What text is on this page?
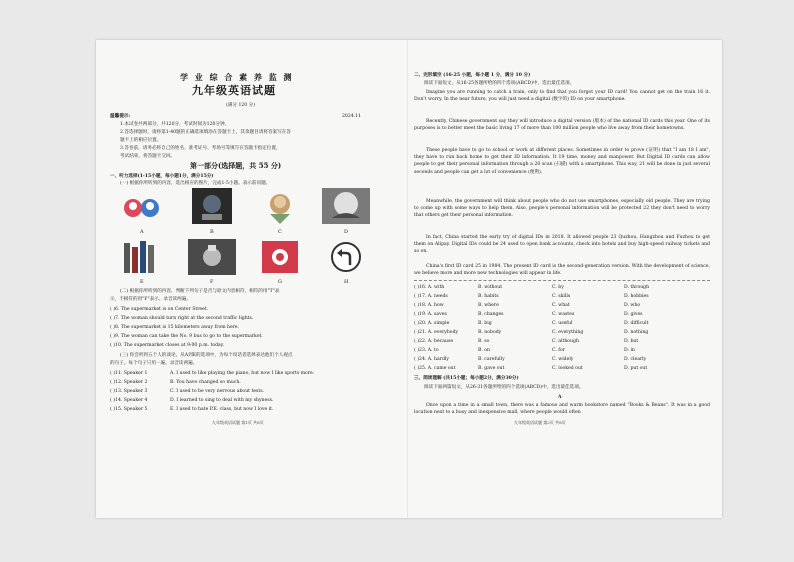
学 业 综 合 素 养 监 测
九年级英语试题
(满分 120 分)
温馨提示:	2024.11
1.本试卷共两部分，共120分，考试时间为120分钟。
2.答选择题时，请将第1-40题的正确选项填涂在答题卡上，其余题目请将答案写在答
题卡上的相应位置。
3.答卷前，请务必将自己的姓名、准考证号、考场号等填写在答题卡指定位置，
考试结束，将答题卡交回。
第一部分(选择题，共 55 分)
一、听力选择(1-15小题，每小题1分，满分15分)
(一) 根据你所听到的内容，选出相应的图片，完成1-5小题。表示前问题。
A	B	C	D
E	F	G	H
(二) 根据你所听到的内容，判断下列句子是否与原文内容相符，相符的用"T"表
示，不相符的用"F"表示。录音读两遍。
( )6. The supermarket is on Center Street.
( )7. The woman should turn right at the second traffic lights.
( )8. The supermarket is 15 kilometers away from here.
( )9. The woman can take the No. 9 bus to go to the supermarket.
( )10. The supermarket closes at 9:00 p.m. today.
(三) 你会听到五个人的谈论，从A到E的选项中，为每个说话者选择表达他们个人观点
的句子。每个句子只用一遍。录音读两遍。
( )11. Speaker 1	A. I used to like playing the piano, but now I like sports more.
( )12. Speaker 2	B. You have changed so much.
( )13. Speaker 3	C. I used to be very nervous about tests.
( )14. Speaker 4	D. I learned to sing to deal with my shyness.
( )15. Speaker 5	E. I used to hate P.E. class, but now I love it.
九年级英语试题 第1页 共8页
二、完形填空 (16-25 小题，每小题 1 分，满分 10 分)
阅读下面短文，从16-25各题所给的四个选项(ABCD)中，选出最佳选项。
Imagine you are running to catch a train, only to find that you forgot your ID card! You cannot get on the train 16 it. Don't worry. In the near future, you will just need a digital (数字的) ID on your smartphone.
Recently, Chinese government say they will introduce a digital version (版本) of the national ID cards this year. One of its purposes is to better meet the basic living 17 of more than 100 million people who live away from their hometowns.
These people have to go to school or work at different places. Sometimes in order to prove (证明) that "I am 18 I am", they have to run back home to get their ID information. It 19 time, money and manpower. But Digital ID cards can allow people to get their personal information through a 20 scan (扫描) with a smartphone. This way, 21 will be done in just several seconds and people can get a lot of convenience (便利).
Meanwhile, the government will think about people who do not use smartphones, especially old people. They are trying to come up with some ways to help them. Also, people's personal information will be protected 22 they don't need to worry that others get their personal information.
In fact, China started the early try of digital IDs in 2018. It allowed people 23 Quzhou, Hangzhou and Fuzhou to get them on Alipay. Digital IDs could be 24 used to open bank accounts, check into hotels and buy high-speed railway tickets and so on.
China's first ID card 25 in 1984. The present ID card is the second-generation version. With the development of science, we believe more and more new technologies will appear in life.
( )16. A. with	B. without	C. by	D. through
( )17. A. needs	B. habits	C. skills	D. hobbies
( )18. A. how	B. where	C. what	D. who
( )19. A. saves	B. changes	C. wastes	D. gives
( )20. A. simple	B. big	C. useful	D. difficult
( )21. A. everybody	B. nobody	C. everything	D. nothing
( )22. A. because	B. so	C. although	D. but
( )23. A. to	B. on	C. for	D. in
( )24. A. hardly	B. carefully	C. widely	D. clearly
( )25. A. came out	B. gave out	C. looked out	D. put out
三、阅读理解 (共15小题；每小题2分，满分30分)
阅读下面两篇短文，从26-31各题所给的四个选项(ABCD)中，选出最佳选项。
A
Once upon a time in a small town, there was a famous and warm bookstore named "Books & Beans". It was in a good location next to a busy and inexpensive mall, where people would often
九年级英语试题 第2页 共8页
